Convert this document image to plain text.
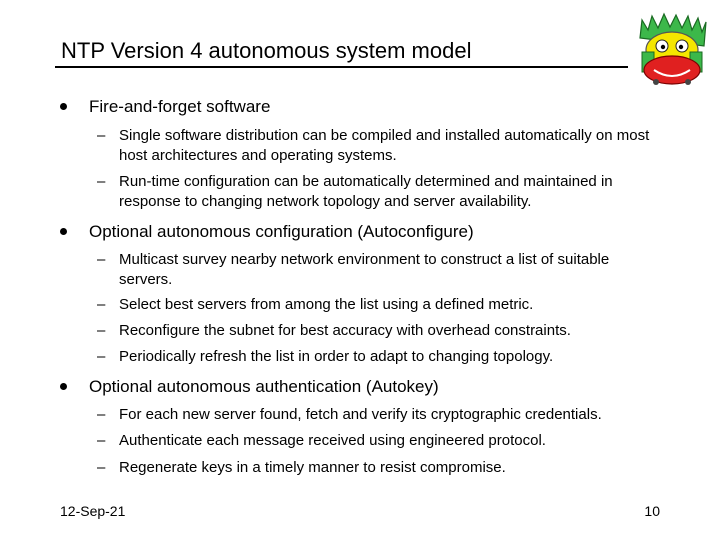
NTP Version 4 autonomous system model
Fire-and-forget software
– Single software distribution can be compiled and installed automatically on most host architectures and operating systems.
– Run-time configuration can be automatically determined and maintained in response to changing network topology and server availability.
Optional autonomous configuration (Autoconfigure)
– Multicast survey nearby network environment to construct a list of suitable servers.
– Select best servers from among the list using a defined metric.
– Reconfigure the subnet for best accuracy with overhead constraints.
– Periodically refresh the list in order to adapt to changing topology.
Optional autonomous authentication (Autokey)
– For each new server found, fetch and verify its cryptographic credentials.
– Authenticate each message received using engineered protocol.
– Regenerate keys in a timely manner to resist compromise.
12-Sep-21	10
